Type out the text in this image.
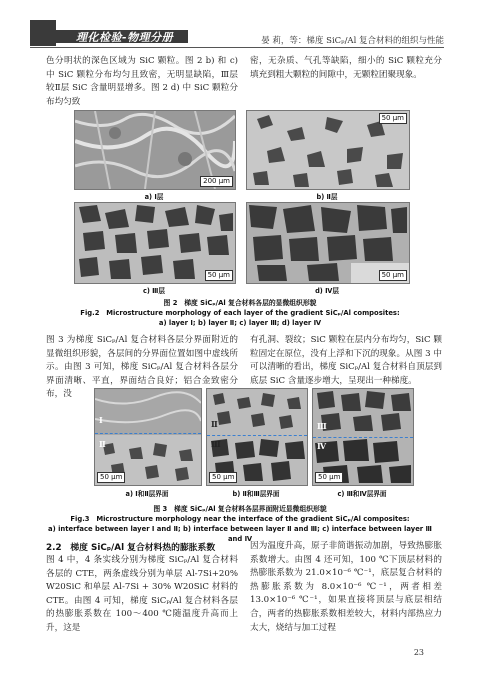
理化检验-物理分册	晏 莉，等：梯度 SiCₚ/Al 复合材料的组织与性能

色分明状的深色区域为 SiC 颗粒。图 2 b) 和 c) 中 SiC 颗粒分布均匀且致密，无明显缺陷，Ⅲ层较Ⅱ层 SiC 含量明显增多。图 2 d) 中 SiC 颗粒分布均匀致

密，无杂质、气孔等缺陷，细小的 SiC 颗粒充分填充到粗大颗粒的间隙中，无颗粒团聚现象。

200 μm
a) Ⅰ层
50 μm
b) Ⅱ层
50 μm
c) Ⅲ层
50 μm
d) Ⅳ层
图 2　梯度 SiCₚ/Al 复合材料各层的显微组织形貌
Fig.2　Microstructure morphology of each layer of the gradient SiCₚ/Al composites:
a) layer Ⅰ; b) layer Ⅱ; c) layer Ⅲ; d) layer Ⅳ

图 3 为梯度 SiCₚ/Al 复合材料各层分界面附近的显微组织形貌，各层间的分界面位置如图中虚线所示。由图 3 可知，梯度 SiCₚ/Al 复合材料各层分界面清晰、平直，界面结合良好；铝合金致密分布，没

有孔洞、裂纹；SiC 颗粒在层内分布均匀，SiC 颗粒固定在原位，没有上浮和下沉的现象。从图 3 中可以清晰的看出，梯度 SiCₚ/Al 复合材料自顶层到底层 SiC 含量逐步增大，呈现出一种梯度。

Ⅰ
Ⅱ
50 μm
a) Ⅰ和Ⅱ层界面
Ⅱ
Ⅲ
50 μm
b) Ⅱ和Ⅲ层界面
Ⅲ
Ⅳ
50 μm
c) Ⅲ和Ⅳ层界面
图 3　梯度 SiCₚ/Al 复合材料各层界面附近显微组织形貌
Fig.3　Microstructure morphology near the interface of the gradient SiCₚ/Al composites:
a) interface between layer Ⅰ and Ⅱ; b) interface between layer Ⅱ and Ⅲ; c) interface between layer Ⅲ and Ⅳ
2.2　梯度 SiCₚ/Al 复合材料热的膨胀系数

图 4 中，4 条实线分别为梯度 SiCₚ/Al 复合材料各层的 CTE，两条虚线分别为单层 Al-7Si+20% W20SiC 和单层 Al-7Si + 30% W20SiC 材料的 CTE。由图 4 可知，梯度 SiCₚ/Al 复合材料各层的热膨胀系数在 100～400 ℃随温度升高而上升，这是

因为温度升高，原子非简谐振动加剧，导致热膨胀系数增大。由图 4 还可知，100 ℃下顶层材料的热膨胀系数为 21.0×10⁻⁶ ℃⁻¹，底层复合材料的热膨胀系数为 8.0×10⁻⁶ ℃⁻¹，两者相差 13.0×10⁻⁶ ℃⁻¹，如果直接将顶层与底层相结合，两者的热膨胀系数相差较大，材料内部热应力太大，烧结与加工过程

23
